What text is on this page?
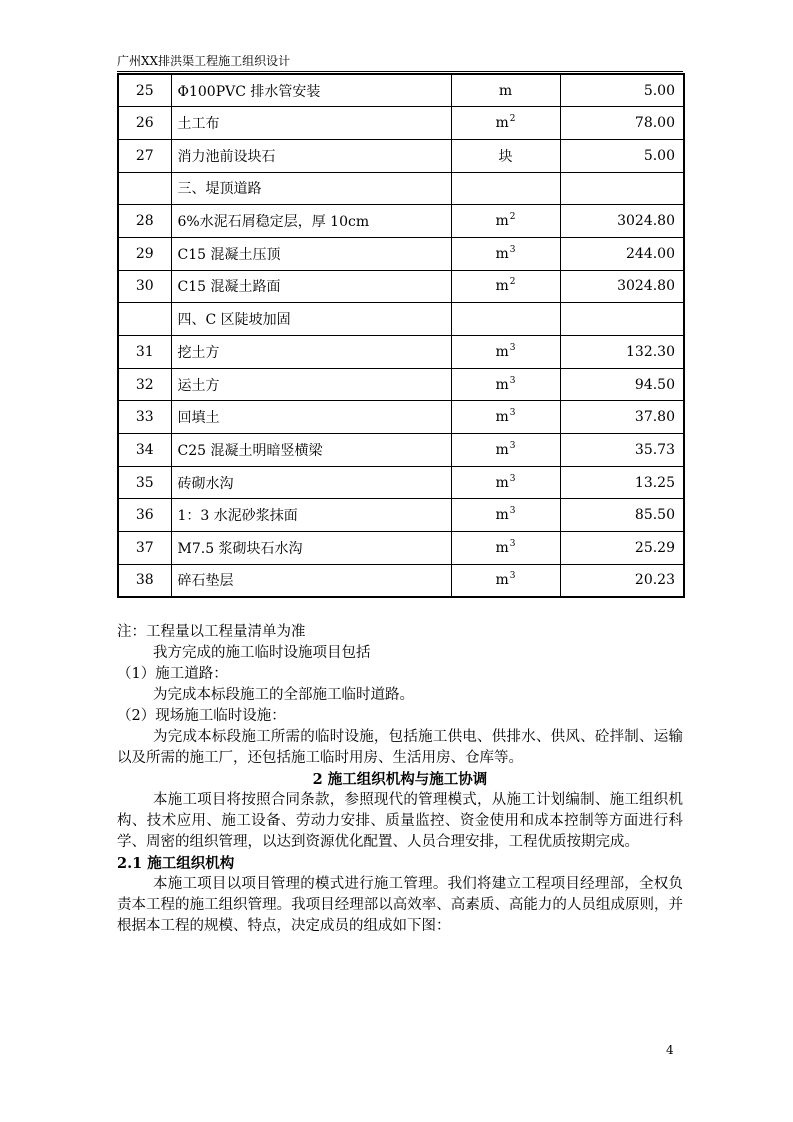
广州XX排洪渠工程施工组织设计
25	Φ100PVC 排水管安装	m	5.00
26	土工布	$m^2$	78.00
27	消力池前设块石	块	5.00
	三、堤顶道路		
28	6%水泥石屑稳定层，厚 10cm	$m^2$	3024.80
29	C15 混凝土压顶	$m^3$	244.00
30	C15 混凝土路面	$m^2$	3024.80
	四、C 区陡坡加固		
31	挖土方	$m^3$	132.30
32	运土方	$m^3$	94.50
33	回填土	$m^3$	37.80
34	C25 混凝土明暗竖横梁	$m^3$	35.73
35	砖砌水沟	$m^3$	13.25
36	1：3 水泥砂浆抹面	$m^3$	85.50
37	M7.5 浆砌块石水沟	$m^3$	25.29
38	碎石垫层	$m^3$	20.23
注：工程量以工程量清单为准
我方完成的施工临时设施项目包括
（1）施工道路：
为完成本标段施工的全部施工临时道路。
（2）现场施工临时设施：
为完成本标段施工所需的临时设施，包括施工供电、供排水、供风、砼拌制、运输以及所需的施工厂，还包括施工临时用房、生活用房、仓库等。
2 施工组织机构与施工协调
本施工项目将按照合同条款，参照现代的管理模式，从施工计划编制、施工组织机构、技术应用、施工设备、劳动力安排、质量监控、资金使用和成本控制等方面进行科学、周密的组织管理，以达到资源优化配置、人员合理安排，工程优质按期完成。
2.1 施工组织机构
本施工项目以项目管理的模式进行施工管理。我们将建立工程项目经理部，全权负责本工程的施工组织管理。我项目经理部以高效率、高素质、高能力的人员组成原则，并根据本工程的规模、特点，决定成员的组成如下图：
4
